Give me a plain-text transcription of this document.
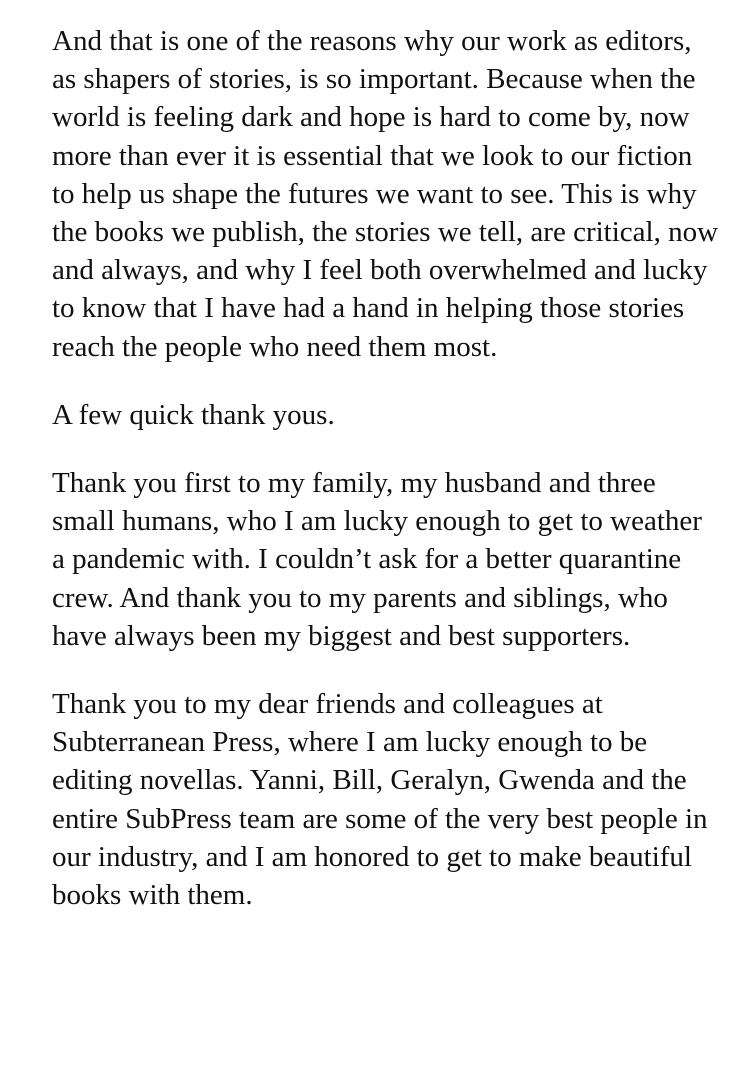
And that is one of the reasons why our work as editors, as shapers of stories, is so important. Because when the world is feeling dark and hope is hard to come by, now more than ever it is essential that we look to our fiction to help us shape the futures we want to see. This is why the books we publish, the stories we tell, are critical, now and always, and why I feel both overwhelmed and lucky to know that I have had a hand in helping those stories reach the people who need them most.

A few quick thank yous.

Thank you first to my family, my husband and three small humans, who I am lucky enough to get to weather a pandemic with. I couldn’t ask for a better quarantine crew. And thank you to my parents and siblings, who have always been my biggest and best supporters.

Thank you to my dear friends and colleagues at Subterranean Press, where I am lucky enough to be editing novellas. Yanni, Bill, Geralyn, Gwenda and the entire SubPress team are some of the very best people in our industry, and I am honored to get to make beautiful books with them.
